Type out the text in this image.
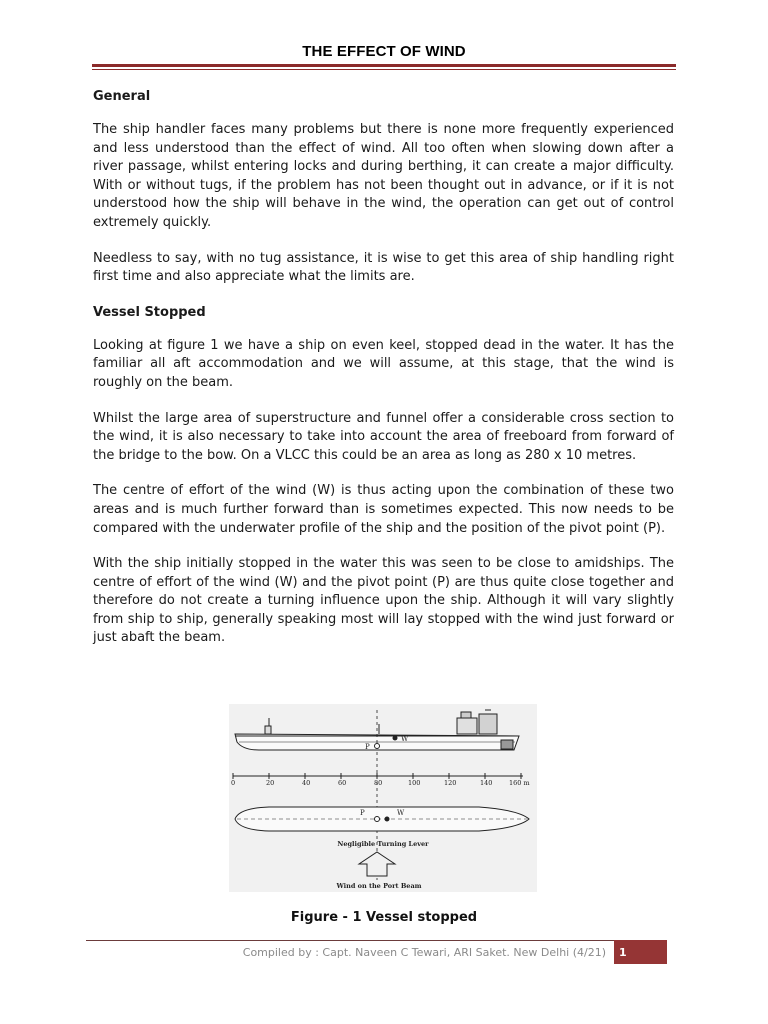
THE EFFECT OF WIND
General

The ship handler faces many problems but there is none more frequently experienced and less understood than the effect of wind. All too often when slowing down after a river passage, whilst entering locks and during berthing, it can create a major difficulty. With or without tugs, if the problem has not been thought out in advance, or if it is not understood how the ship will behave in the wind, the operation can get out of control extremely quickly.

Needless to say, with no tug assistance, it is wise to get this area of ship handling right first time and also appreciate what the limits are.

Vessel Stopped

Looking at figure 1 we have a ship on even keel, stopped dead in the water. It has the familiar all aft accommodation and we will assume, at this stage, that the wind is roughly on the beam.

Whilst the large area of superstructure and funnel offer a considerable cross section to the wind, it is also necessary to take into account the area of freeboard from forward of the bridge to the bow. On a VLCC this could be an area as long as 280 x 10 metres.

The centre of effort of the wind (W) is thus acting upon the combination of these two areas and is much further forward than is sometimes expected. This now needs to be compared with the underwater profile of the ship and the position of the pivot point (P).

With the ship initially stopped in the water this was seen to be close to amidships. The centre of effort of the wind (W) and the pivot point (P) are thus quite close together and therefore do not create a turning influence upon the ship. Although it will vary slightly from ship to ship, generally speaking most will lay stopped with the wind just forward or just abaft the beam.

P
W
0	20	40	60	80	100	120	140	160 m
P	W
Negligible Turning Lever
Wind on the Port Beam
Figure - 1 Vessel stopped
Compiled by : Capt. Naveen C Tewari, ARI Saket. New Delhi (4/21)	1
